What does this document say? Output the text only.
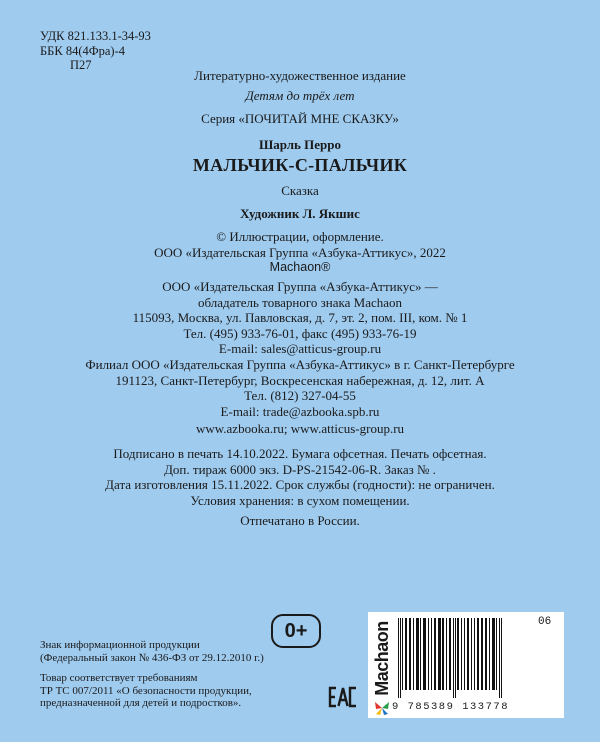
УДК 821.133.1-34-93
ББК 84(4Фра)-4
П27
Литературно-художественное издание
Детям до трёх лет
Серия «ПОЧИТАЙ МНЕ СКАЗКУ»
Шарль Перро
МАЛЬЧИК-С-ПАЛЬЧИК
Сказка
Художник Л. Якшис
© Иллюстрации, оформление.
ООО «Издательская Группа «Азбука-Аттикус», 2022
Machaon®
ООО «Издательская Группа «Азбука-Аттикус» —
обладатель товарного знака Machaon
115093, Москва, ул. Павловская, д. 7, эт. 2, пом. III, ком. № 1
Тел. (495) 933-76-01, факс (495) 933-76-19
E-mail: sales@atticus-group.ru
Филиал ООО «Издательская Группа «Азбука-Аттикус» в г. Санкт-Петербурге
191123, Санкт-Петербург, Воскресенская набережная, д. 12, лит. А
Тел. (812) 327-04-55
E-mail: trade@azbooka.spb.ru
www.azbooka.ru; www.atticus-group.ru
Подписано в печать 14.10.2022. Бумага офсетная. Печать офсетная.
Доп. тираж 6000 экз. D-PS-21542-06-R. Заказ № .
Дата изготовления 15.11.2022. Срок службы (годности): не ограничен.
Условия хранения: в сухом помещении.
Отпечатано в России.
Знак информационной продукции
(Федеральный закон № 436-ФЗ от 29.12.2010 г.)
Товар соответствует требованиям
ТР ТС 007/2011 «О безопасности продукции,
предназначенной для детей и подростков».
0+	Machaon
9 785389 133778
06
